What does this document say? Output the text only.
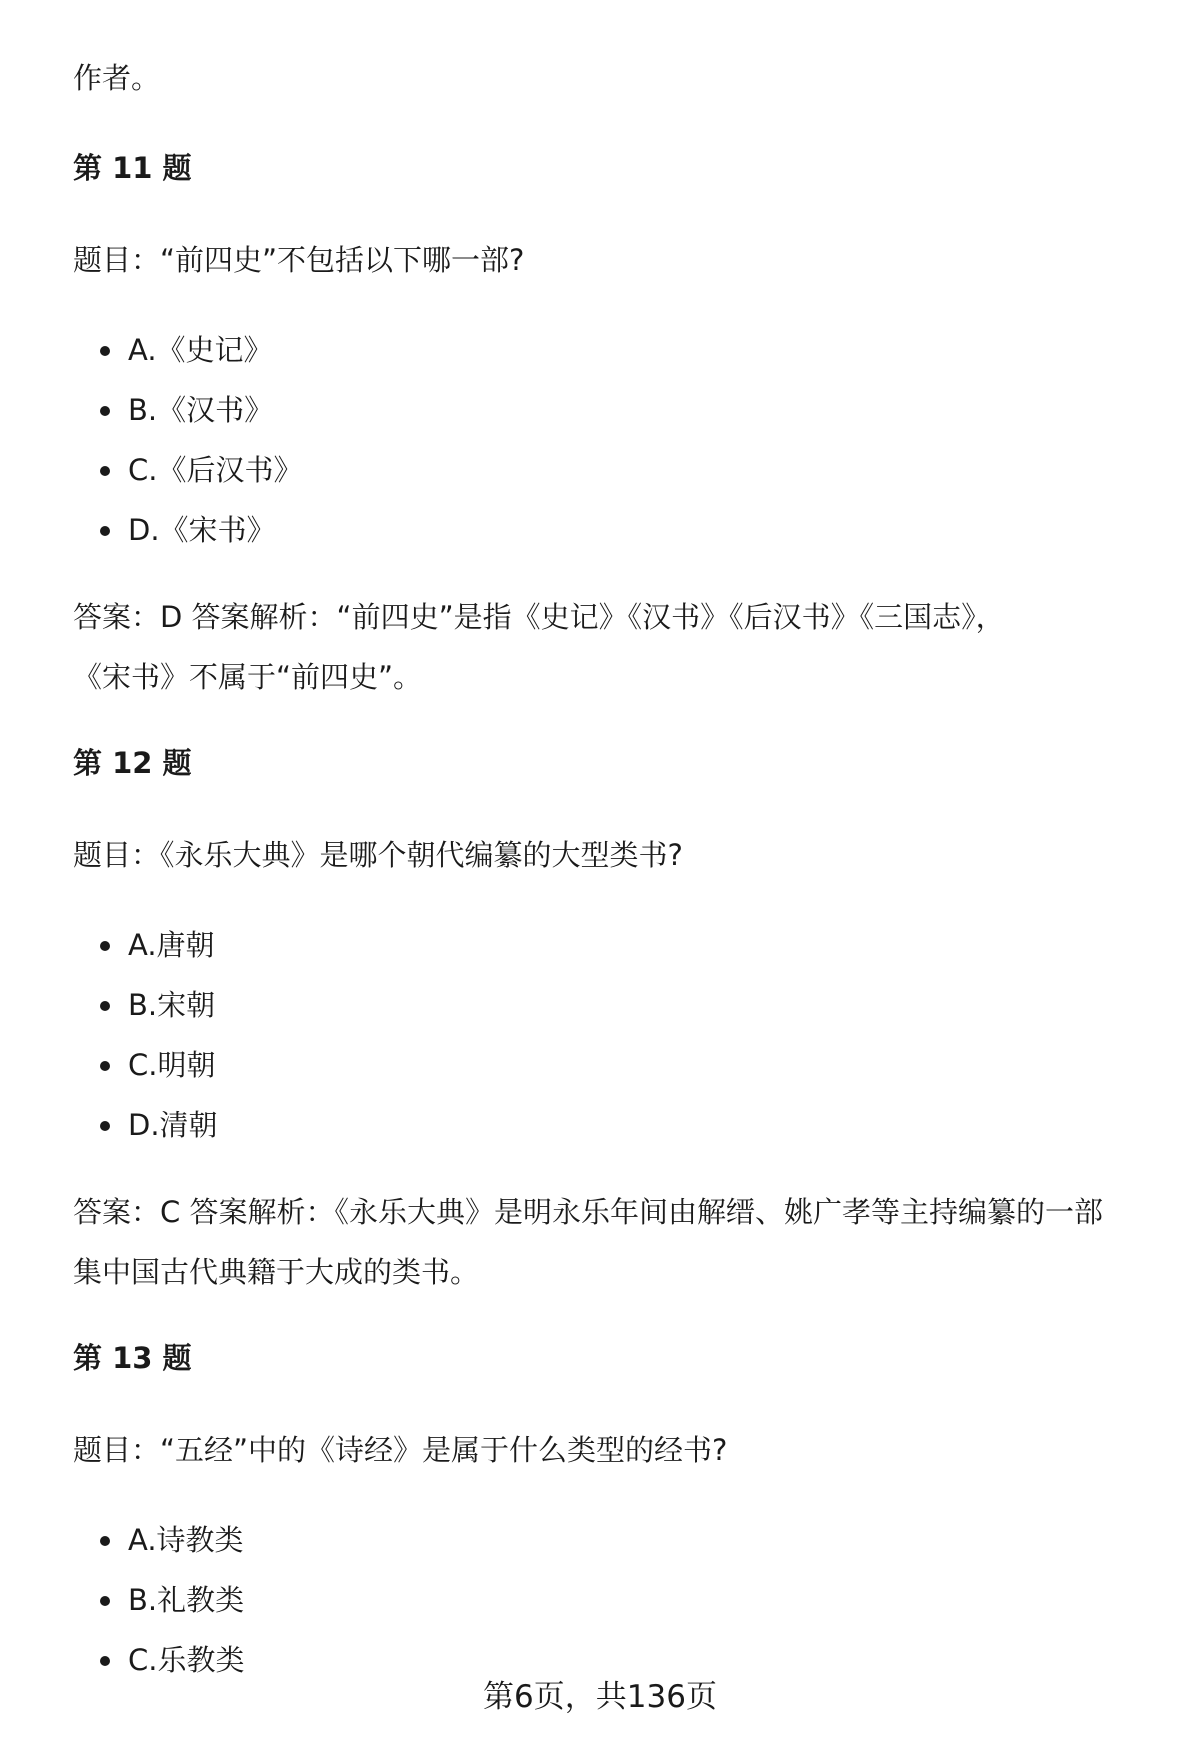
作者。

第 11 题

题目：“前四史”不包括以下哪一部?

A.《史记》
B.《汉书》
C.《后汉书》
D.《宋书》

答案：D 答案解析：“前四史”是指《史记》《汉书》《后汉书》《三国志》，

《宋书》不属于“前四史”。

第 12 题

题目：《永乐大典》是哪个朝代编纂的大型类书?

A.唐朝
B.宋朝
C.明朝
D.清朝

答案：C 答案解析：《永乐大典》是明永乐年间由解缙、姚广孝等主持编纂的一部

集中国古代典籍于大成的类书。

第 13 题

题目：“五经”中的《诗经》是属于什么类型的经书?

A.诗教类
B.礼教类
C.乐教类
第6页，共136页
